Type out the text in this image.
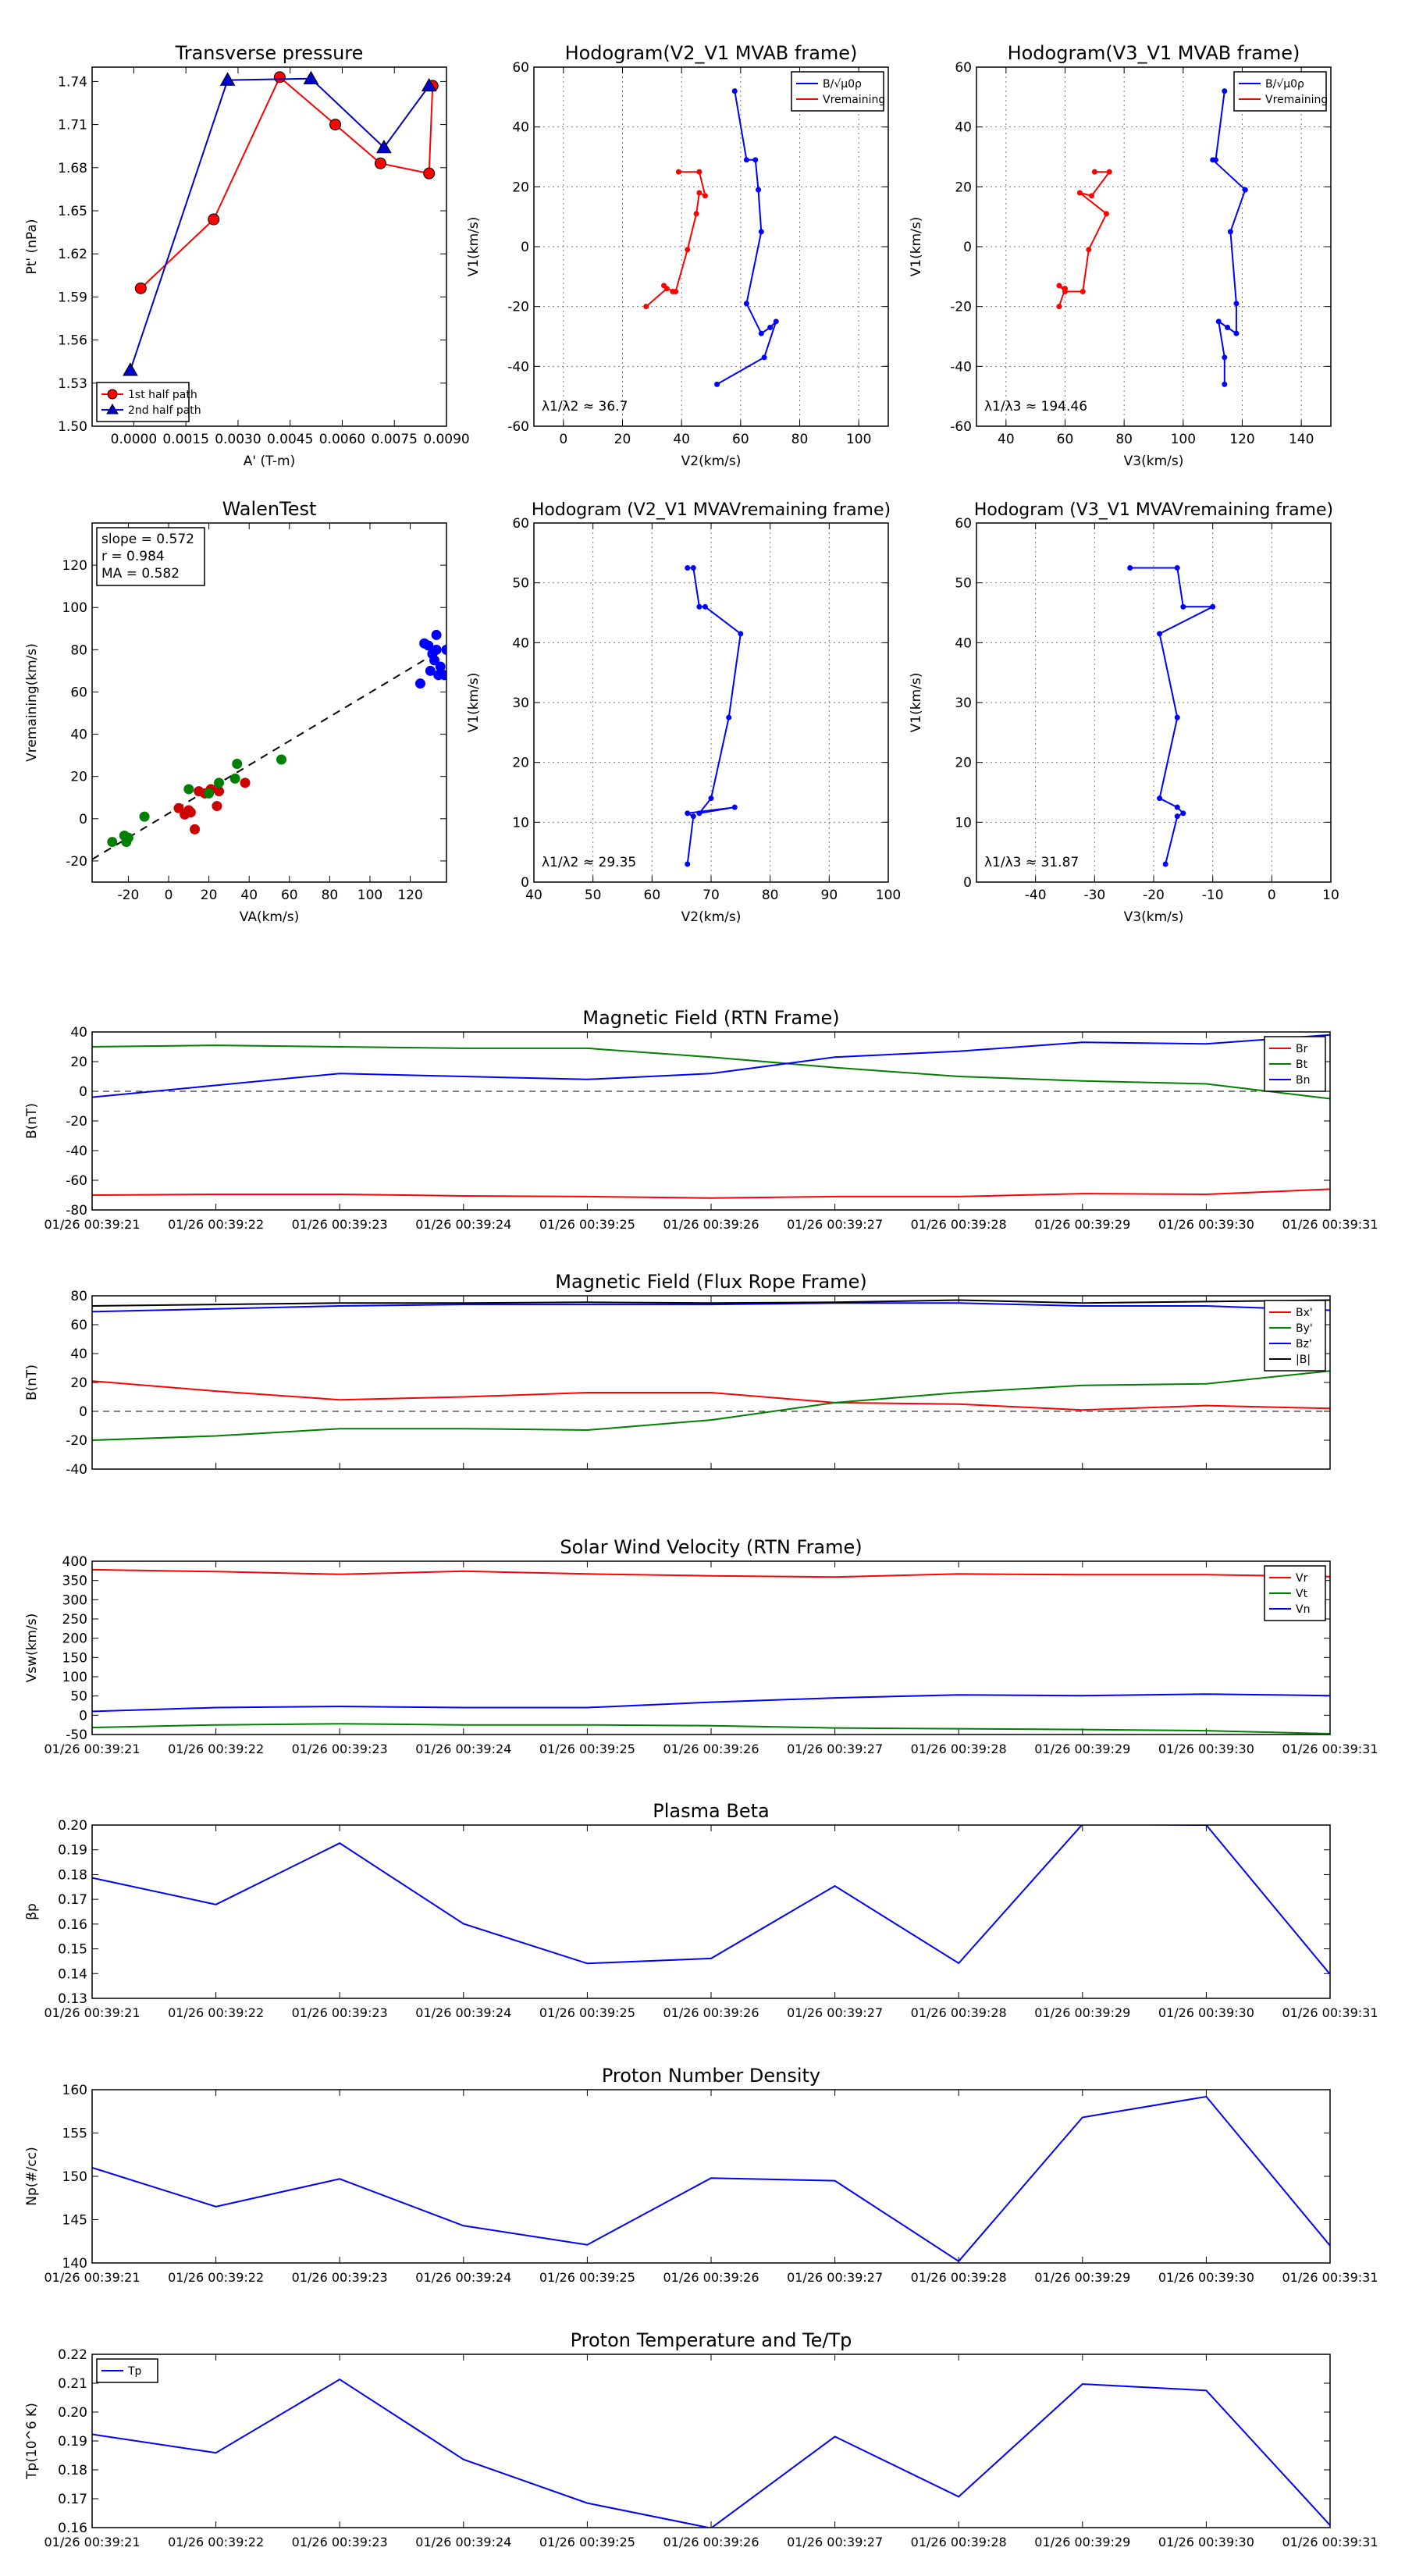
Transverse pressure
1.50
1.53
1.56
1.59
1.62
1.65
1.68
1.71
1.74
0.0000 0.0015 0.0030 0.0045 0.0060 0.0075 0.0090
A' (T-m)
Pt' (nPa)
1st half path
2nd half path
Hodogram(V2_V1 MVAB frame)
-60
-40
-20
0
20
40
60
0	20	40	60	80	100
V2(km/s)
V1(km/s)
λ1/λ2 ≈ 36.7
B/√μ0ρ
Vremaining
Hodogram(V3_V1 MVAB frame)
-60
-40
-20
0
20
40
60
40	60	80	100	120	140
V3(km/s)
V1(km/s)
λ1/λ3 ≈ 194.46
B/√μ0ρ
Vremaining
WalenTest
-20
0
20
40
60
80
100
120
-20 0 20 40 60 80 100 120
VA(km/s)
Vremaining(km/s)
slope = 0.572
r = 0.984
MA = 0.582
Hodogram (V2_V1 MVAVremaining frame)
0
10
20
30
40
50
60
40	50	60	70	80	90	100
V2(km/s)
V1(km/s)
λ1/λ2 ≈ 29.35
Hodogram (V3_V1 MVAVremaining frame)
0
10
20
30
40
50
60
-40	-30	-20	-10	0	10
V3(km/s)
V1(km/s)
λ1/λ3 ≈ 31.87
Magnetic Field (RTN Frame)
-80
-60
-40
-20
0
20
40
01/26 00:39:21 01/26 00:39:22 01/26 00:39:23 01/26 00:39:24 01/26 00:39:25 01/26 00:39:26 01/26 00:39:27 01/26 00:39:28 01/26 00:39:29 01/26 00:39:30 01/26 00:39:31
B(nT)
Br
Bt
Bn
Magnetic Field (Flux Rope Frame)
-40
-20
0
20
40
60
80
B(nT)
Bx'
By'
Bz'
|B|
Solar Wind Velocity (RTN Frame)
-50
0
50
100
150
200
250
300
350
400
01/26 00:39:21 01/26 00:39:22 01/26 00:39:23 01/26 00:39:24 01/26 00:39:25 01/26 00:39:26 01/26 00:39:27 01/26 00:39:28 01/26 00:39:29 01/26 00:39:30 01/26 00:39:31
Vsw(km/s)
Vr
Vt
Vn
Plasma Beta
0.13
0.14
0.15
0.16
0.17
0.18
0.19
0.20
01/26 00:39:21 01/26 00:39:22 01/26 00:39:23 01/26 00:39:24 01/26 00:39:25 01/26 00:39:26 01/26 00:39:27 01/26 00:39:28 01/26 00:39:29 01/26 00:39:30 01/26 00:39:31
βp
Proton Number Density
140
145
150
155
160
01/26 00:39:21 01/26 00:39:22 01/26 00:39:23 01/26 00:39:24 01/26 00:39:25 01/26 00:39:26 01/26 00:39:27 01/26 00:39:28 01/26 00:39:29 01/26 00:39:30 01/26 00:39:31
Np(#/cc)
Proton Temperature and Te/Tp
0.16
0.17
0.18
0.19
0.20
0.21
0.22
01/26 00:39:21 01/26 00:39:22 01/26 00:39:23 01/26 00:39:24 01/26 00:39:25 01/26 00:39:26 01/26 00:39:27 01/26 00:39:28 01/26 00:39:29 01/26 00:39:30 01/26 00:39:31
Tp(10^6 K)
Tp
